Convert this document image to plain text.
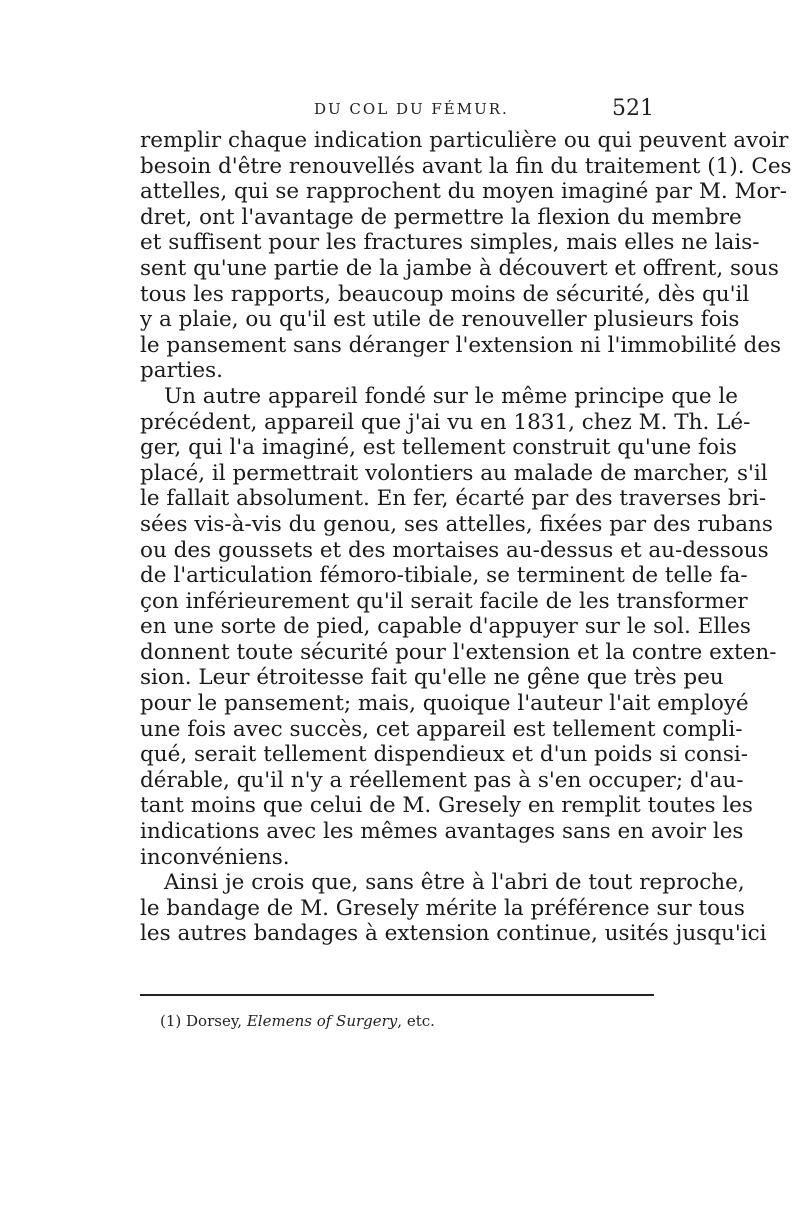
DU COL DU FÉMUR.	521
remplir chaque indication particulière ou qui peuvent avoir
besoin d'être renouvellés avant la fin du traitement (1). Ces
attelles, qui se rapprochent du moyen imaginé par M. Mor-
dret, ont l'avantage de permettre la flexion du membre
et suffisent pour les fractures simples, mais elles ne lais-
sent qu'une partie de la jambe à découvert et offrent, sous
tous les rapports, beaucoup moins de sécurité, dès qu'il
y a plaie, ou qu'il est utile de renouveller plusieurs fois
le pansement sans déranger l'extension ni l'immobilité des
parties.
Un autre appareil fondé sur le même principe que le
précédent, appareil que j'ai vu en 1831, chez M. Th. Lé-
ger, qui l'a imaginé, est tellement construit qu'une fois
placé, il permettrait volontiers au malade de marcher, s'il
le fallait absolument. En fer, écarté par des traverses bri-
sées vis-à-vis du genou, ses attelles, fixées par des rubans
ou des goussets et des mortaises au-dessus et au-dessous
de l'articulation fémoro-tibiale, se terminent de telle fa-
çon inférieurement qu'il serait facile de les transformer
en une sorte de pied, capable d'appuyer sur le sol. Elles
donnent toute sécurité pour l'extension et la contre exten-
sion. Leur étroitesse fait qu'elle ne gêne que très peu
pour le pansement; mais, quoique l'auteur l'ait employé
une fois avec succès, cet appareil est tellement compli-
qué, serait tellement dispendieux et d'un poids si consi-
dérable, qu'il n'y a réellement pas à s'en occuper; d'au-
tant moins que celui de M. Gresely en remplit toutes les
indications avec les mêmes avantages sans en avoir les
inconvéniens.
Ainsi je crois que, sans être à l'abri de tout reproche,
le bandage de M. Gresely mérite la préférence sur tous
les autres bandages à extension continue, usités jusqu'ici
(1) Dorsey, Elemens of Surgery, etc.
